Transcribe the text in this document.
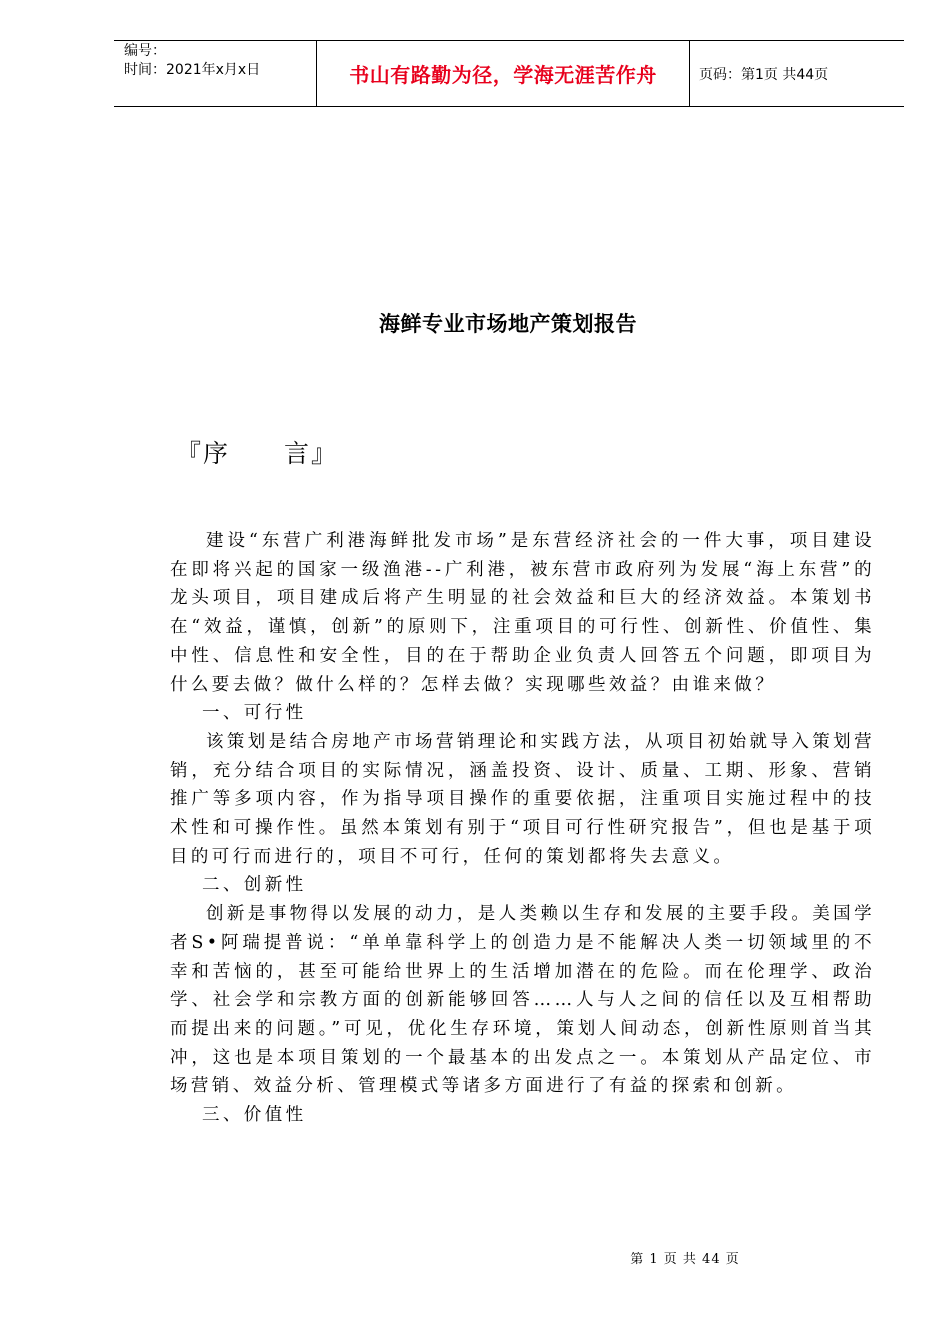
编号：
时间：2021年x月x日	书山有路勤为径，学海无涯苦作舟	页码：第1页 共44页
海鲜专业市场地产策划报告
『序　　言』

建设“东营广利港海鲜批发市场”是东营经济社会的一件大事，项目建设在即将兴起的国家一级渔港--广利港，被东营市政府列为发展“海上东营”的龙头项目，项目建成后将产生明显的社会效益和巨大的经济效益。本策划书在“效益，谨慎，创新”的原则下，注重项目的可行性、创新性、价值性、集中性、信息性和安全性，目的在于帮助企业负责人回答五个问题，即项目为什么要去做？做什么样的？怎样去做？实现哪些效益？由谁来做？

一、可行性

该策划是结合房地产市场营销理论和实践方法，从项目初始就导入策划营销，充分结合项目的实际情况，涵盖投资、设计、质量、工期、形象、营销推广等多项内容，作为指导项目操作的重要依据，注重项目实施过程中的技术性和可操作性。虽然本策划有别于“项目可行性研究报告”，但也是基于项目的可行而进行的，项目不可行，任何的策划都将失去意义。

二、创新性

创新是事物得以发展的动力，是人类赖以生存和发展的主要手段。美国学者S•阿瑞提普说：“单单靠科学上的创造力是不能解决人类一切领域里的不幸和苦恼的，甚至可能给世界上的生活增加潜在的危险。而在伦理学、政治学、社会学和宗教方面的创新能够回答……人与人之间的信任以及互相帮助而提出来的问题。”可见，优化生存环境，策划人间动态，创新性原则首当其冲，这也是本项目策划的一个最基本的出发点之一。本策划从产品定位、市场营销、效益分析、管理模式等诸多方面进行了有益的探索和创新。

三、价值性

第 1 页 共 44 页
